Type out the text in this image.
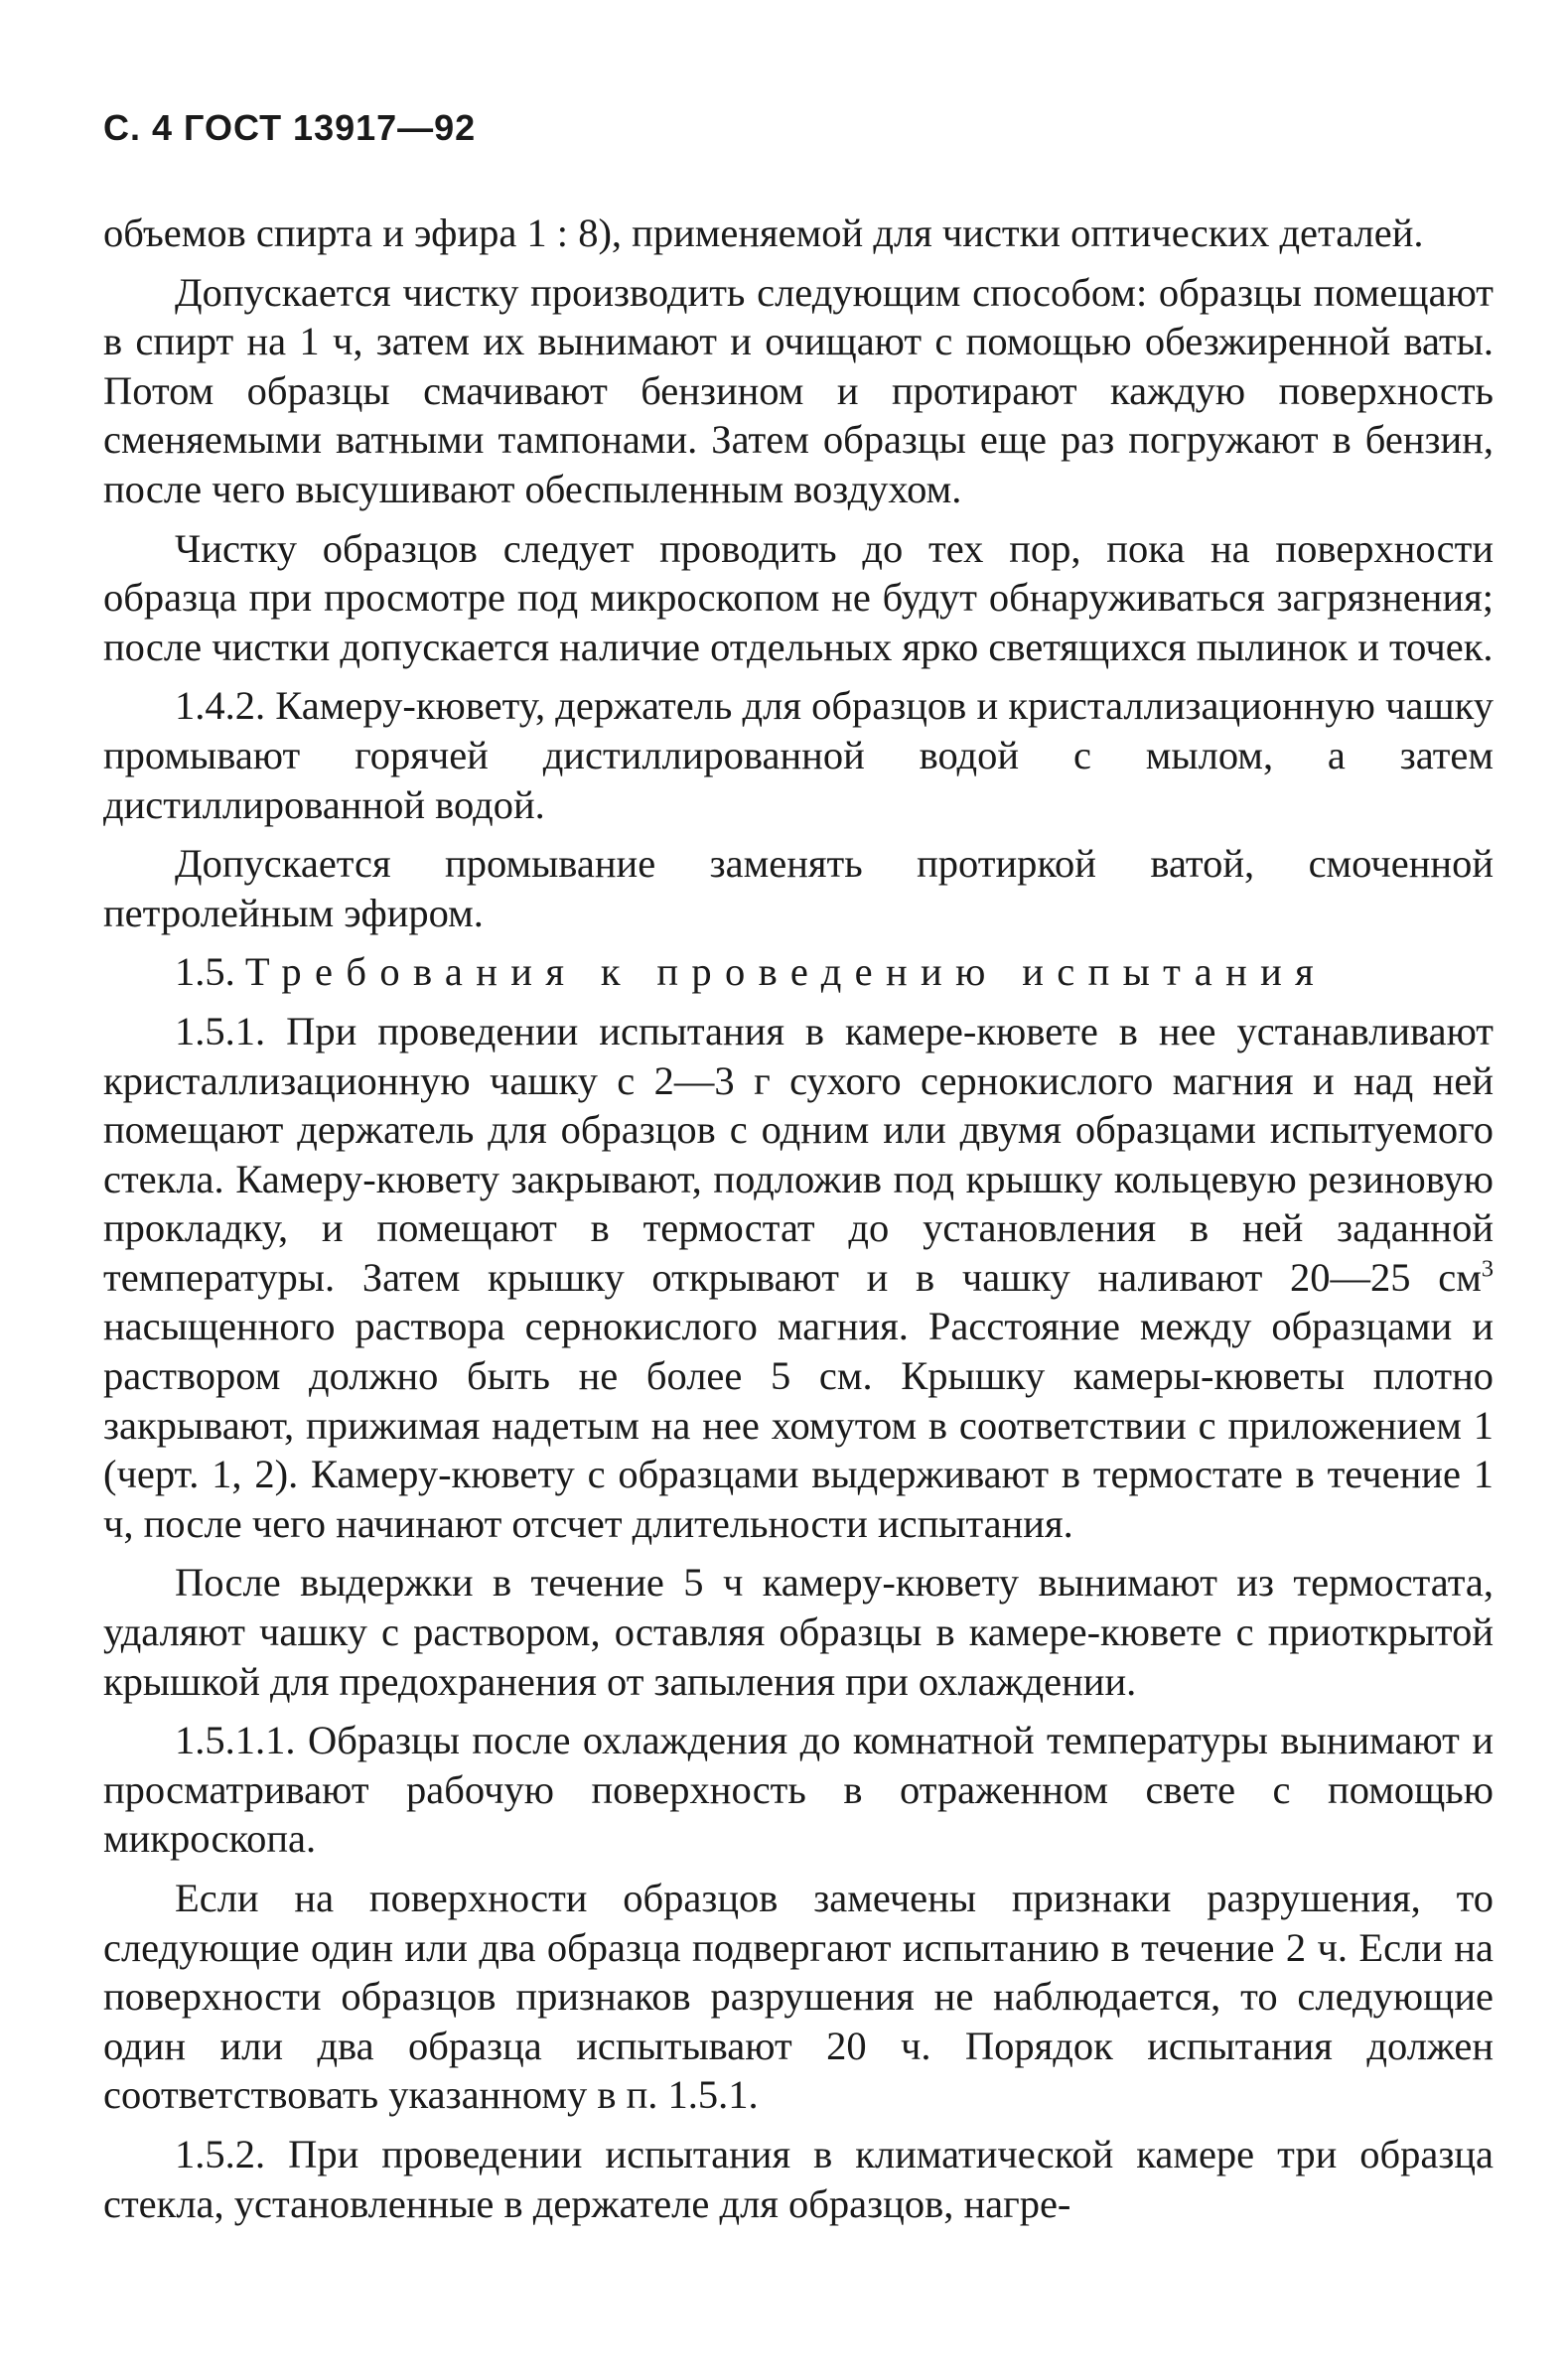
С. 4 ГОСТ 13917—92

объемов спирта и эфира 1 : 8), применяемой для чистки оптических деталей.

Допускается чистку производить следующим способом: образцы помещают в спирт на 1 ч, затем их вынимают и очищают с помощью обезжиренной ваты. Потом образцы смачивают бензином и протирают каждую поверхность сменяемыми ватными тампонами. Затем образцы еще раз погружают в бензин, после чего высушивают обеспыленным воздухом.

Чистку образцов следует проводить до тех пор, пока на поверхности образца при просмотре под микроскопом не будут обнаруживаться загрязнения; после чистки допускается наличие отдельных ярко светящихся пылинок и точек.

1.4.2. Камеру-кювету, держатель для образцов и кристаллизационную чашку промывают горячей дистиллированной водой с мылом, а затем дистиллированной водой.

Допускается промывание заменять протиркой ватой, смоченной петролейным эфиром.

1.5. Требования к проведению испытания

1.5.1. При проведении испытания в камере-кювете в нее устанавливают кристаллизационную чашку с 2—3 г сухого сернокислого магния и над ней помещают держатель для образцов с одним или двумя образцами испытуемого стекла. Камеру-кювету закрывают, подложив под крышку кольцевую резиновую прокладку, и помещают в термостат до установления в ней заданной температуры. Затем крышку открывают и в чашку наливают 20—25 $см^3$ насыщенного раствора сернокислого магния. Расстояние между образцами и раствором должно быть не более 5 см. Крышку камеры-кюветы плотно закрывают, прижимая надетым на нее хомутом в соответствии с приложением 1 (черт. 1, 2). Камеру-кювету с образцами выдерживают в термостате в течение 1 ч, после чего начинают отсчет длительности испытания.

После выдержки в течение 5 ч камеру-кювету вынимают из термостата, удаляют чашку с раствором, оставляя образцы в камере-кювете с приоткрытой крышкой для предохранения от запыления при охлаждении.

1.5.1.1. Образцы после охлаждения до комнатной температуры вынимают и просматривают рабочую поверхность в отраженном свете с помощью микроскопа.

Если на поверхности образцов замечены признаки разрушения, то следующие один или два образца подвергают испытанию в течение 2 ч. Если на поверхности образцов признаков разрушения не наблюдается, то следующие один или два образца испытывают 20 ч. Порядок испытания должен соответствовать указанному в п. 1.5.1.

1.5.2. При проведении испытания в климатической камере три образца стекла, установленные в держателе для образцов, нагре-
